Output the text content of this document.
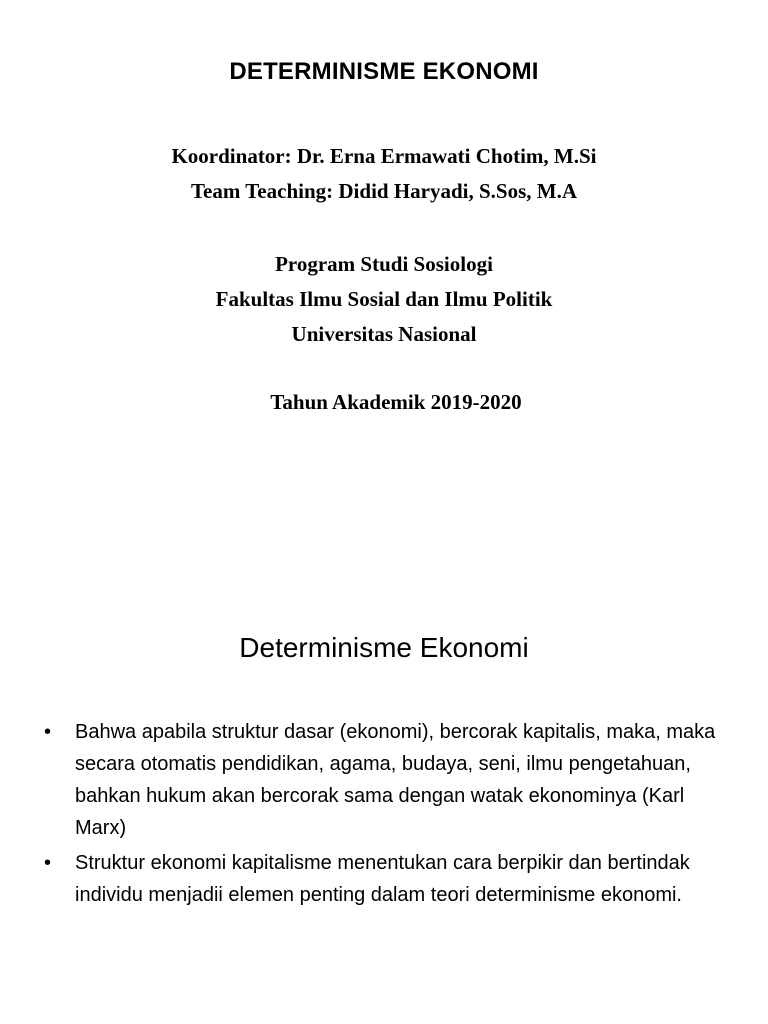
DETERMINISME EKONOMI
Koordinator: Dr. Erna Ermawati Chotim, M.Si
Team Teaching: Didid Haryadi, S.Sos, M.A
Program Studi Sosiologi
Fakultas Ilmu Sosial dan Ilmu Politik
Universitas Nasional
Tahun Akademik 2019-2020
Determinisme Ekonomi
• Bahwa apabila struktur dasar (ekonomi), bercorak kapitalis, maka, maka secara otomatis pendidikan, agama, budaya, seni, ilmu pengetahuan, bahkan hukum akan bercorak sama dengan watak ekonominya (Karl Marx)
• Struktur ekonomi kapitalisme menentukan cara berpikir dan bertindak individu menjadii elemen penting dalam teori determinisme ekonomi.
